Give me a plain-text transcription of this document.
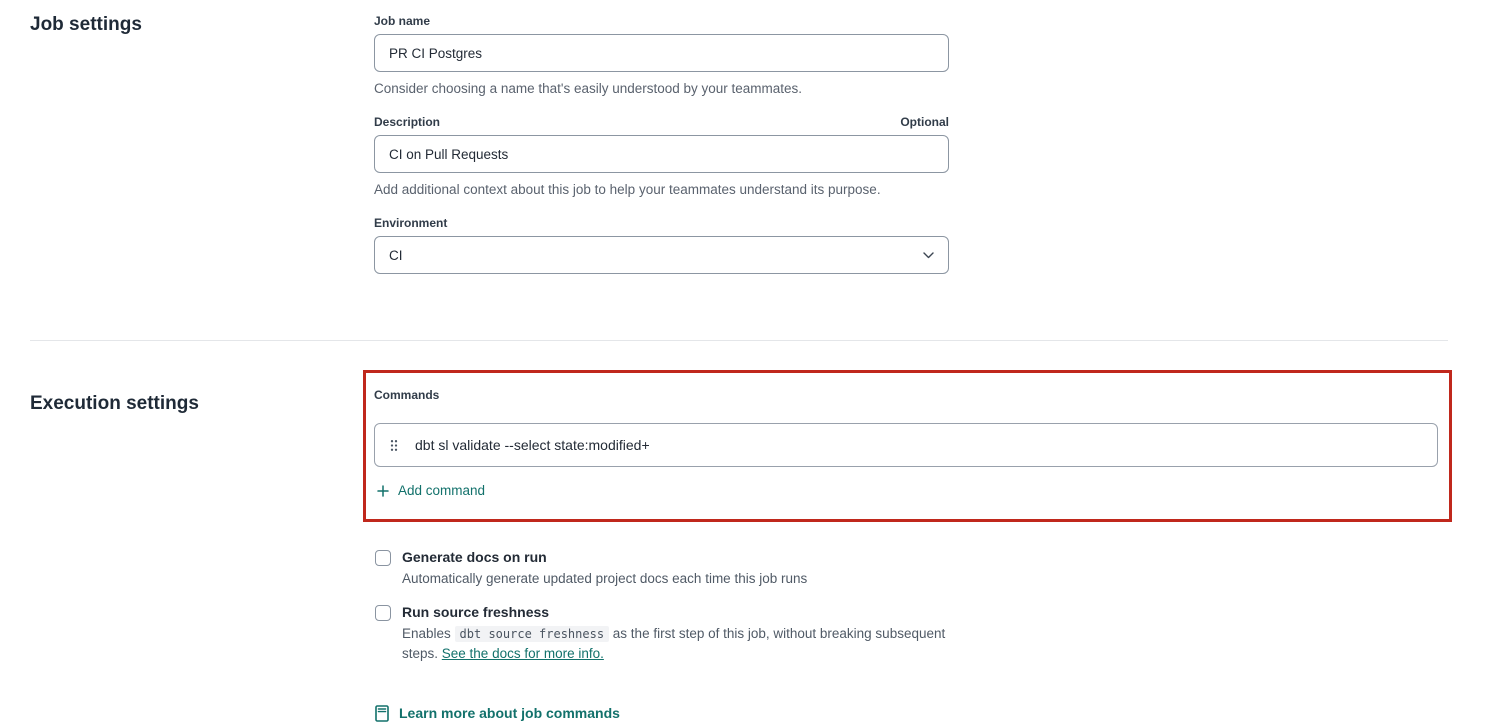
Job settings	Job name
PR CI Postgres
Consider choosing a name that's easily understood by your teammates.
Description	Optional
CI on Pull Requests
Add additional context about this job to help your teammates understand its purpose.
Environment
CI
Execution settings	Commands
dbt sl validate --select state:modified+
Add command
Generate docs on run
Automatically generate updated project docs each time this job runs
Run source freshness
Enables dbt source freshness as the first step of this job, without breaking subsequent steps. See the docs for more info.
Learn more about job commands
